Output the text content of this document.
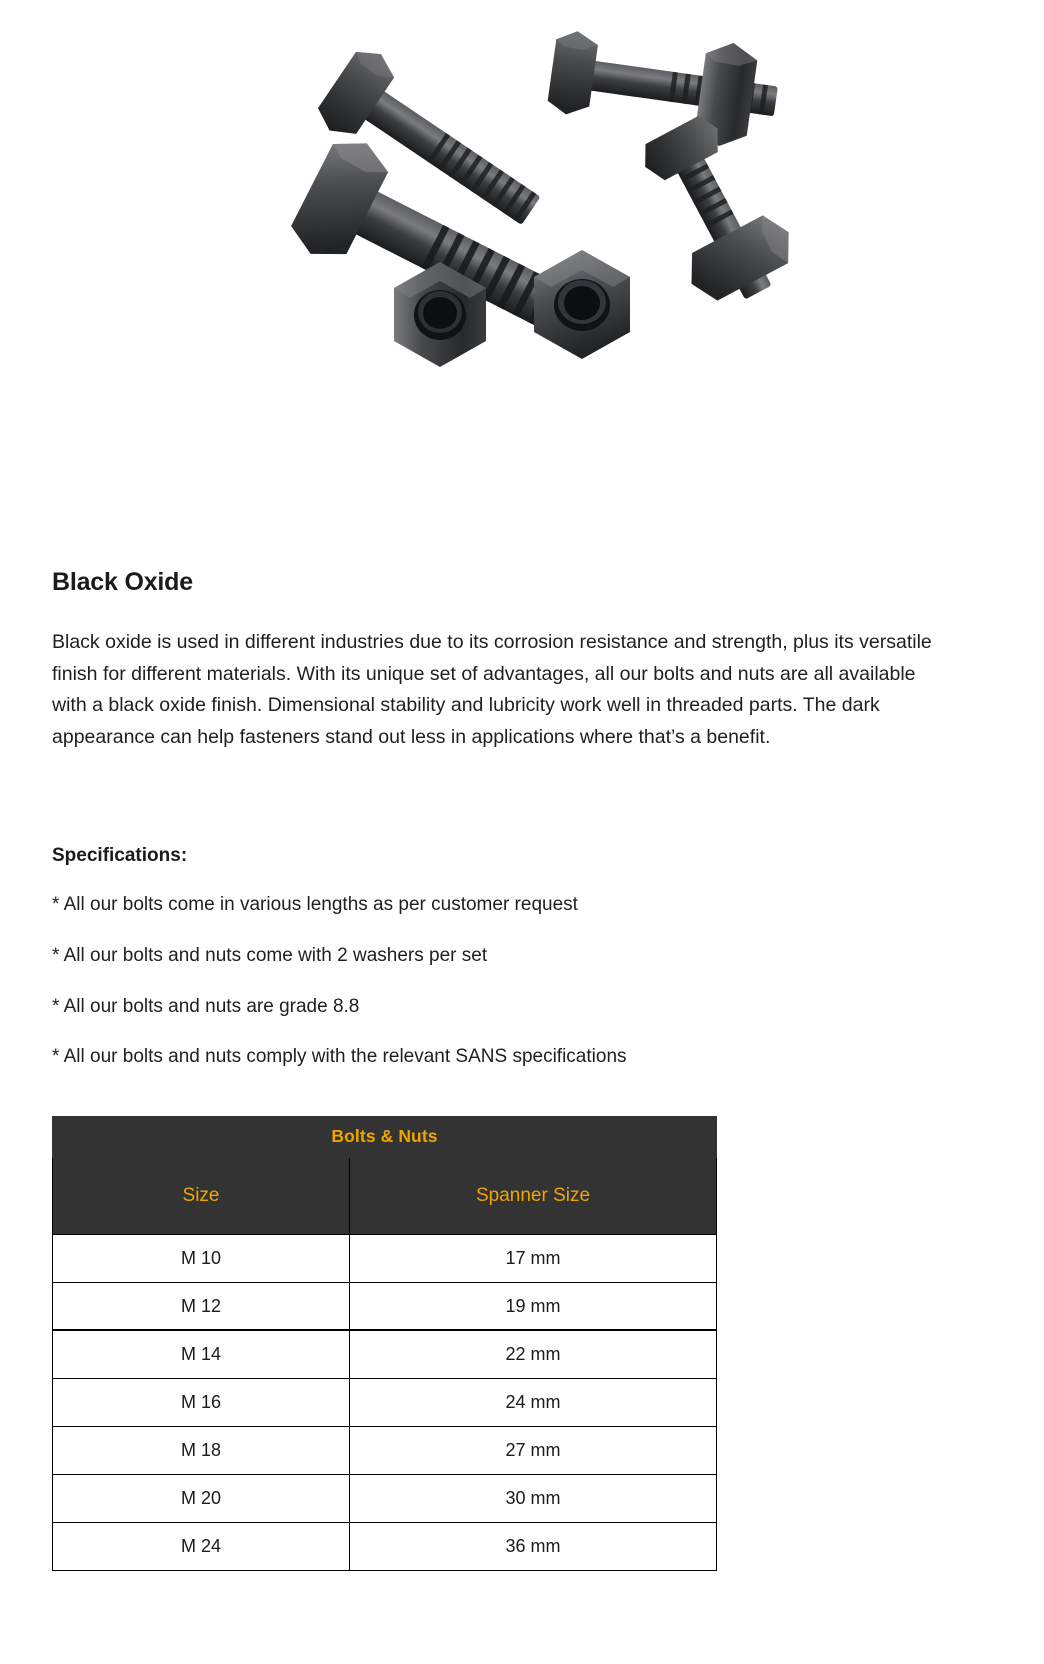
Black Oxide

Black oxide is used in different industries due to its corrosion resistance and strength, plus its versatile finish for different materials. With its unique set of advantages, all our bolts and nuts are all available with a black oxide finish. Dimensional stability and lubricity work well in threaded parts. The dark appearance can help fasteners stand out less in applications where that’s a benefit.

Specifications:
* All our bolts come in various lengths as per customer request
* All our bolts and nuts come with 2 washers per set
* All our bolts and nuts are grade 8.8
* All our bolts and nuts comply with the relevant SANS specifications
Bolts & Nuts	
Size	Spanner Size
M 10	17 mm
M 12	19 mm
M 14	22 mm
M 16	24 mm
M 18	27 mm
M 20	30 mm
M 24	36 mm
